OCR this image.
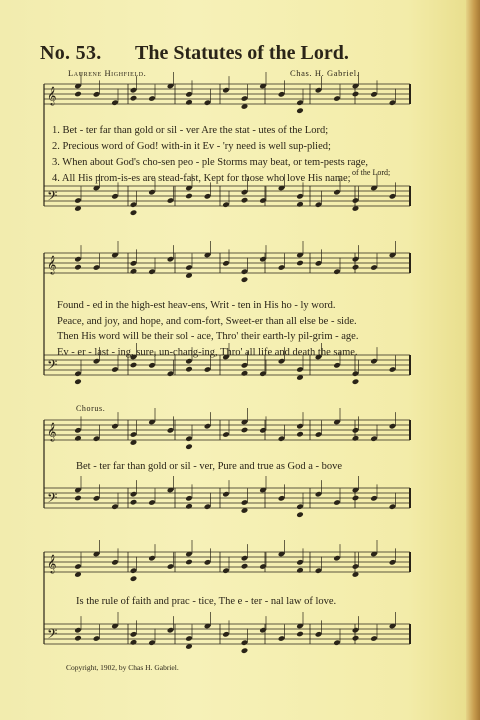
No. 53. The Statutes of the Lord.
Laurene Highfield.	Chas. H. Gabriel.
𝄞
𝄢
𝄞
𝄢
𝄞
𝄢
𝄞
𝄢
1. Bet - ter far than gold or sil - ver Are the stat - utes of the Lord;
2. Precious word of God! with-in it Ev - 'ry need is well sup-plied;
3. When about God's cho-sen peo - ple Storms may beat, or tem-pests rage,
4. All His prom-is-es are stead-fast, Kept for those who love His name;
of the Lord;
Found - ed in the high-est heav-ens, Writ - ten in His ho - ly word.
Peace, and joy, and hope, and com-fort, Sweet-er than all else be - side.
Then His word will be their sol - ace, Thro' their earth-ly pil-grim - age.
Ev - er - last - ing, sure, un-chang-ing, Thro' all life and death the same.
Chorus.
Bet - ter far than gold or sil - ver, Pure and true as God a - bove
Is the rule of faith and prac - tice, The e - ter - nal law of love.
Copyright, 1902, by Chas H. Gabriel.
